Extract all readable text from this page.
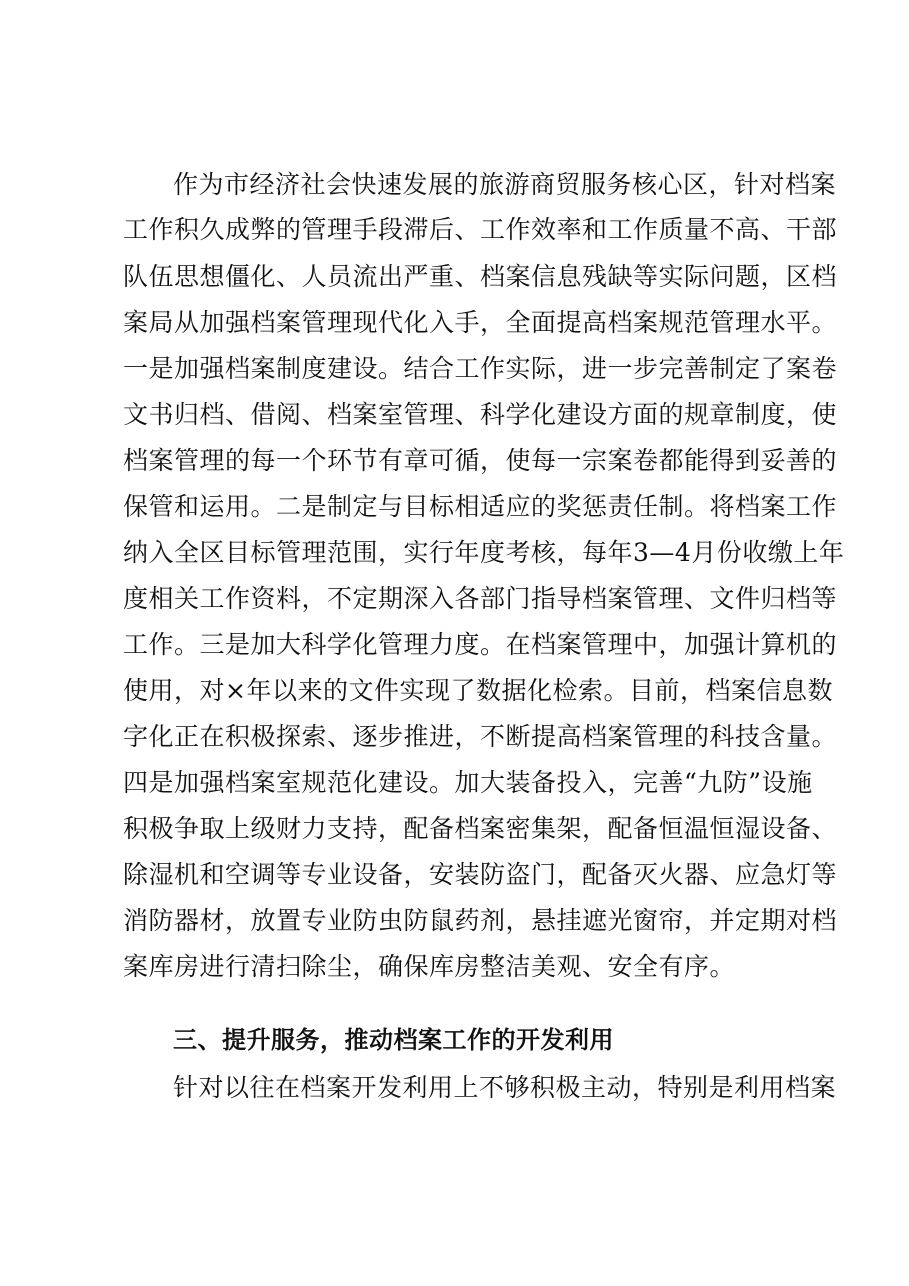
作为市经济社会快速发展的旅游商贸服务核心区，针对档案
工作积久成弊的管理手段滞后、工作效率和工作质量不高、干部
队伍思想僵化、人员流出严重、档案信息残缺等实际问题，区档
案局从加强档案管理现代化入手，全面提高档案规范管理水平。
一是加强档案制度建设。结合工作实际，进一步完善制定了案卷
文书归档、借阅、档案室管理、科学化建设方面的规章制度，使
档案管理的每一个环节有章可循，使每一宗案卷都能得到妥善的
保管和运用。二是制定与目标相适应的奖惩责任制。将档案工作
纳入全区目标管理范围，实行年度考核，每年3—4月份收缴上年
度相关工作资料，不定期深入各部门指导档案管理、文件归档等
工作。三是加大科学化管理力度。在档案管理中，加强计算机的
使用，对×年以来的文件实现了数据化检索。目前，档案信息数
字化正在积极探索、逐步推进，不断提高档案管理的科技含量。
四是加强档案室规范化建设。加大装备投入，完善“九防”设施
积极争取上级财力支持，配备档案密集架，配备恒温恒湿设备、
除湿机和空调等专业设备，安装防盗门，配备灭火器、应急灯等
消防器材，放置专业防虫防鼠药剂，悬挂遮光窗帘，并定期对档
案库房进行清扫除尘，确保库房整洁美观、安全有序。
三、提升服务，推动档案工作的开发利用
针对以往在档案开发利用上不够积极主动，特别是利用档案
